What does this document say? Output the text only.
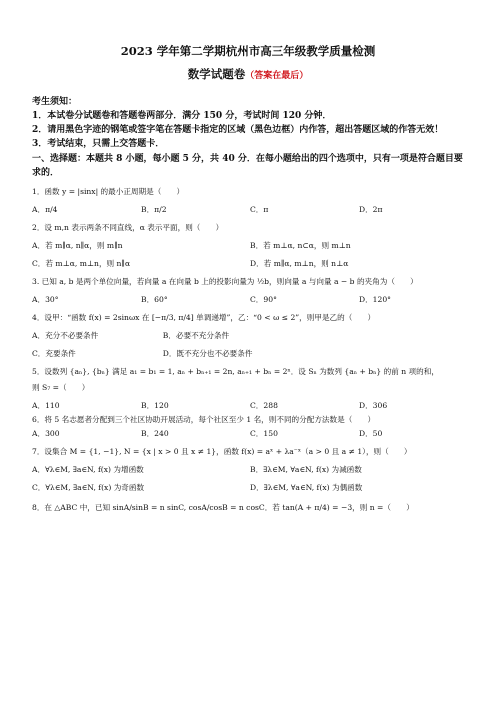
2023 学年第二学期杭州市高三年级教学质量检测
数学试题卷（答案在最后）
考生须知：
1．本试卷分试题卷和答题卷两部分．满分 150 分，考试时间 120 分钟．
2．请用黑色字迹的钢笔或签字笔在答题卡指定的区域（黑色边框）内作答，超出答题区域的作答无效！
3．考试结束，只需上交答题卡．
一、选择题：本题共 8 小题，每小题 5 分，共 40 分．在每小题给出的四个选项中，只有一项是符合题目要求的．
1．函数 y = |sinx| 的最小正周期是（　　）
A．π/4	B．π/2	C．π	D．2π
2．设 m,n 表示两条不同直线，α 表示平面，则（　　）
A．若 m∥α, n∥α，则 m∥n	B．若 m⊥α, n⊂α，则 m⊥n
C．若 m⊥α, m⊥n，则 n∥α	D．若 m∥α, m⊥n，则 n⊥α
3. 已知 a, b 是两个单位向量，若向量 a 在向量 b 上的投影向量为 ½b，则向量 a 与向量 a − b 的夹角为（　　）
A．30°	B．60°	C．90°	D．120°
4．设甲：“函数 f(x) = 2sinωx 在 [−π/3, π/4] 单调递增”，乙：“0 < ω ≤ 2”，则甲是乙的（　　）
A．充分不必要条件	B．必要不充分条件
C．充要条件	D．既不充分也不必要条件
5．设数列 {aₙ}, {bₙ} 满足 a₁ = b₁ = 1, aₙ + bₙ₊₁ = 2n, aₙ₊₁ + bₙ = 2ⁿ．设 Sₙ 为数列 {aₙ + bₙ} 的前 n 项的和，
则 S₇ =（　　）
A．110	B．120	C．288	D．306
6．将 5 名志愿者分配到三个社区协助开展活动，每个社区至少 1 名，则不同的分配方法数是（　　）
A．300	B．240	C．150	D．50
7．设集合 M = {1, −1}, N = {x | x > 0 且 x ≠ 1}，函数 f(x) = aˣ + λa⁻ˣ（a > 0 且 a ≠ 1），则（　　）
A．∀λ∈M, ∃a∈N, f(x) 为增函数	B．∃λ∈M, ∀a∈N, f(x) 为减函数
C．∀λ∈M, ∃a∈N, f(x) 为奇函数	D．∃λ∈M, ∀a∈N, f(x) 为偶函数
8．在 △ABC 中，已知 sinA/sinB = n sinC, cosA/cosB = n cosC．若 tan(A + π/4) = −3，则 n =（　　）
